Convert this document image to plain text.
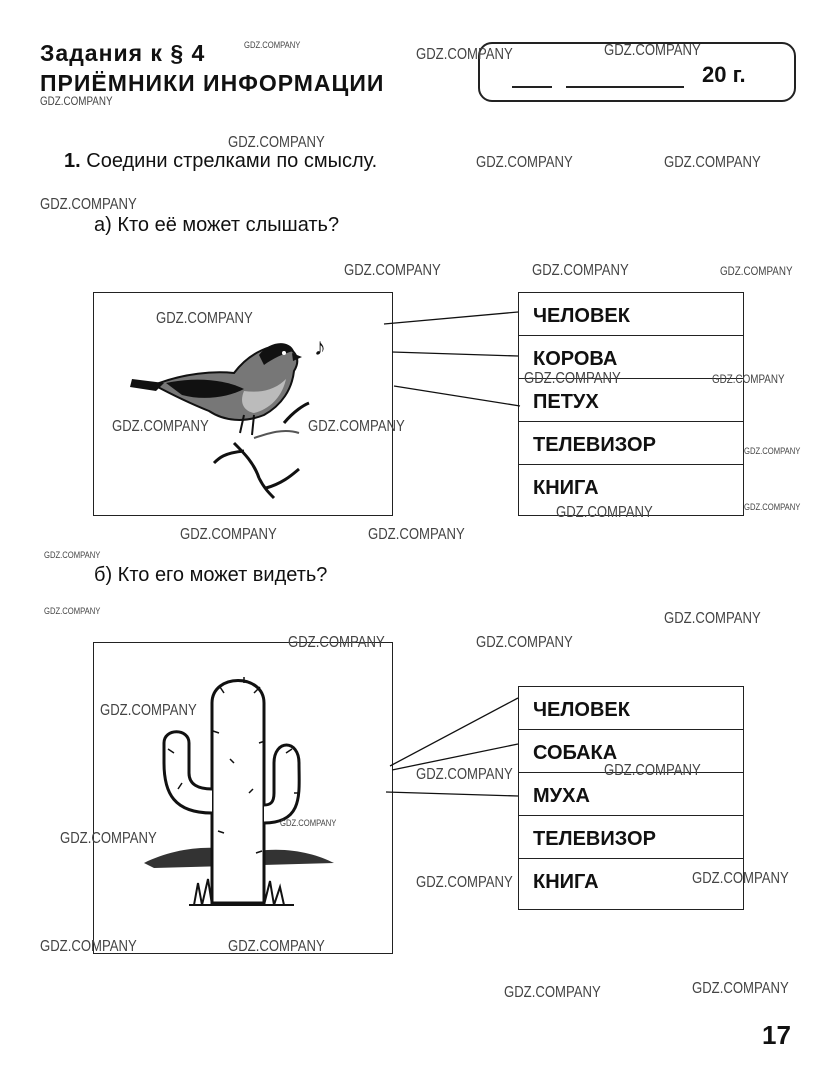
Задания к § 4
ПРИЁМНИКИ ИНФОРМАЦИИ	20 г.
1. Соедини стрелками по смыслу.
а) Кто её может слышать?
♪
ЧЕЛОВЕК
КОРОВА
ПЕТУХ
ТЕЛЕВИЗОР
КНИГА
б) Кто его может видеть?
ЧЕЛОВЕК
СОБАКА
МУХА
ТЕЛЕВИЗОР
КНИГА
GDZ.COMPANY
GDZ.COMPANY	GDZ.COMPANY
GDZ.COMPANY
GDZ.COMPANY
GDZ.COMPANY	GDZ.COMPANY
GDZ.COMPANY
GDZ.COMPANY	GDZ.COMPANY	GDZ.COMPANY
GDZ.COMPANY
GDZ.COMPANY	GDZ.COMPANY
GDZ.COMPANY	GDZ.COMPANY
GDZ.COMPANY
GDZ.COMPANY
GDZ.COMPANY
GDZ.COMPANY	GDZ.COMPANY
GDZ.COMPANY
GDZ.COMPANY	GDZ.COMPANY
GDZ.COMPANY	GDZ.COMPANY
GDZ.COMPANY
GDZ.COMPANY	GDZ.COMPANY
GDZ.COMPANY
GDZ.COMPANY
GDZ.COMPANY	GDZ.COMPANY
GDZ.COMPANY	GDZ.COMPANY
GDZ.COMPANY	GDZ.COMPANY
17
